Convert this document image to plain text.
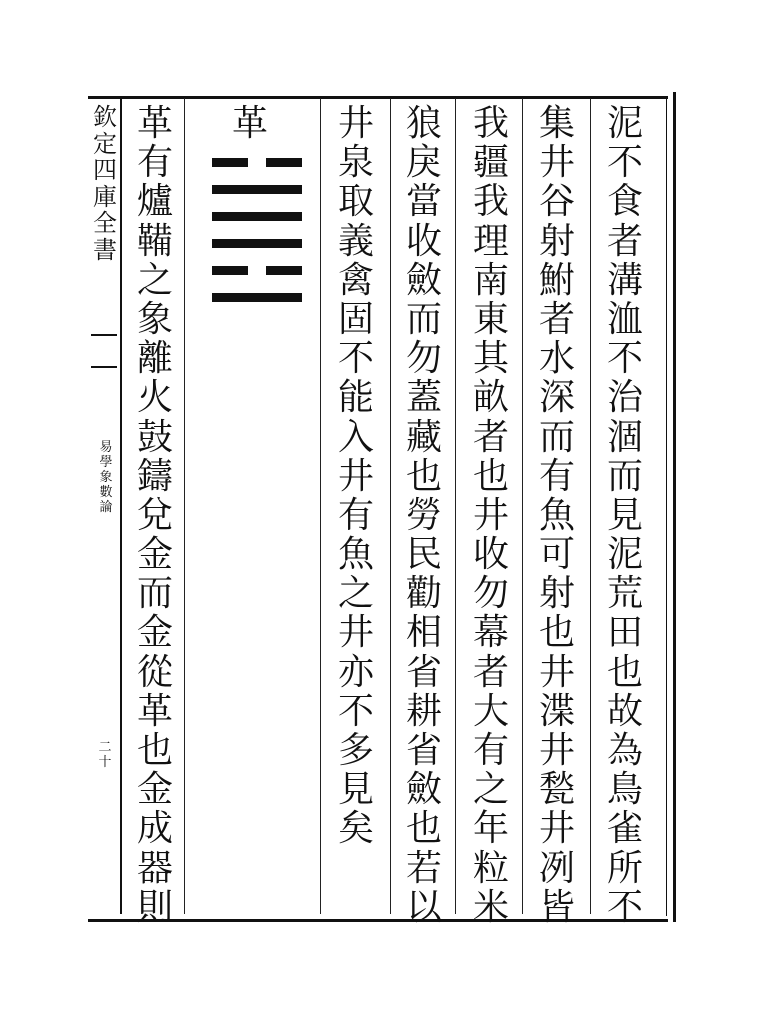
欽
定
四
庫
全
書
易
學
象
數
論
二
十
革	泥
不
食
者
溝
洫
不
治
涸
而
見
泥
荒
田
也
故
為
鳥
雀
所
不
集
井
谷
射
鮒
者
水
深
而
有
魚
可
射
也
井
渫
井
甃
井
冽
皆
我
疆
我
理
南
東
其
畝
者
也
井
收
勿
幕
者
大
有
之
年
粒
米
狼
戾
當
收
斂
而
勿
蓋
藏
也
勞
民
勸
相
省
耕
省
斂
也
若
以
井
泉
取
義
禽
固
不
能
入
井
有
魚
之
井
亦
不
多
見
矣
革
有
爐
鞴
之
象
離
火
鼓
鑄
兌
金
而
金
從
革
也
金
成
器
則
